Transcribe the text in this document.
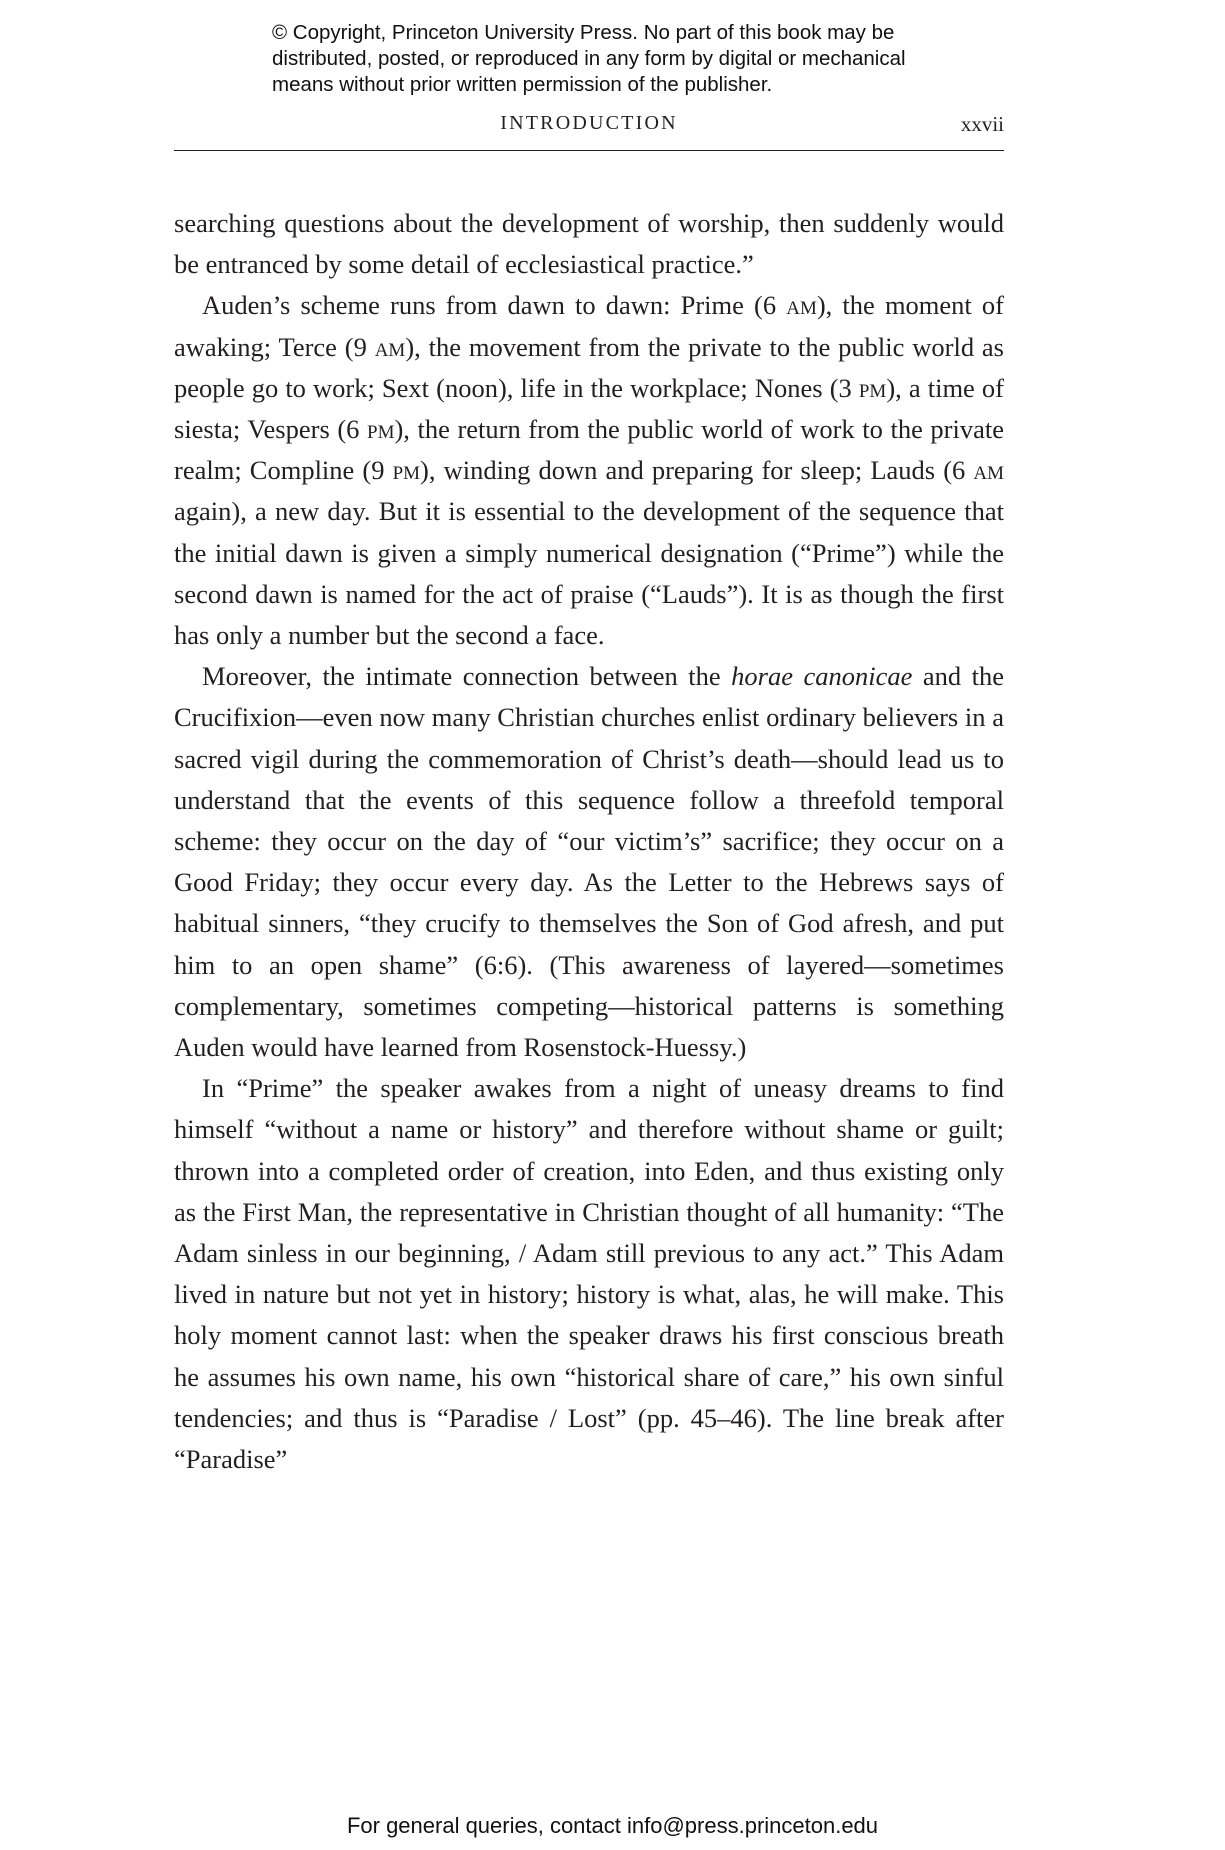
© Copyright, Princeton University Press. No part of this book may be
distributed, posted, or reproduced in any form by digital or mechanical
means without prior written permission of the publisher.
INTRODUCTION	xxvii

searching questions about the development of worship, then suddenly would be entranced by some detail of ecclesiastical practice.”

Auden’s scheme runs from dawn to dawn: Prime (6 am), the moment of awaking; Terce (9 am), the movement from the private to the public world as people go to work; Sext (noon), life in the workplace; Nones (3 pm), a time of siesta; Vespers (6 pm), the return from the public world of work to the private realm; Compline (9 pm), winding down and preparing for sleep; Lauds (6 am again), a new day. But it is essential to the development of the sequence that the initial dawn is given a simply numerical designation (“Prime”) while the second dawn is named for the act of praise (“Lauds”). It is as though the first has only a number but the second a face.

Moreover, the intimate connection between the horae canonicae and the Crucifixion—even now many Christian churches enlist ordinary believers in a sacred vigil during the commemoration of Christ’s death—should lead us to understand that the events of this sequence follow a threefold temporal scheme: they occur on the day of “our victim’s” sacrifice; they occur on a Good Friday; they occur every day. As the Letter to the Hebrews says of habitual sinners, “they crucify to themselves the Son of God afresh, and put him to an open shame” (6:6). (This awareness of layered—sometimes complementary, sometimes competing—historical patterns is something Auden would have learned from Rosenstock-Huessy.)

In “Prime” the speaker awakes from a night of uneasy dreams to find himself “without a name or history” and therefore without shame or guilt; thrown into a completed order of creation, into Eden, and thus existing only as the First Man, the representative in Christian thought of all humanity: “The Adam sinless in our beginning, / Adam still previous to any act.” This Adam lived in nature but not yet in history; history is what, alas, he will make. This holy moment cannot last: when the speaker draws his first conscious breath he assumes his own name, his own “historical share of care,” his own sinful tendencies; and thus is “Paradise / Lost” (pp. 45–46). The line break after “Paradise”

For general queries, contact info@press.princeton.edu
